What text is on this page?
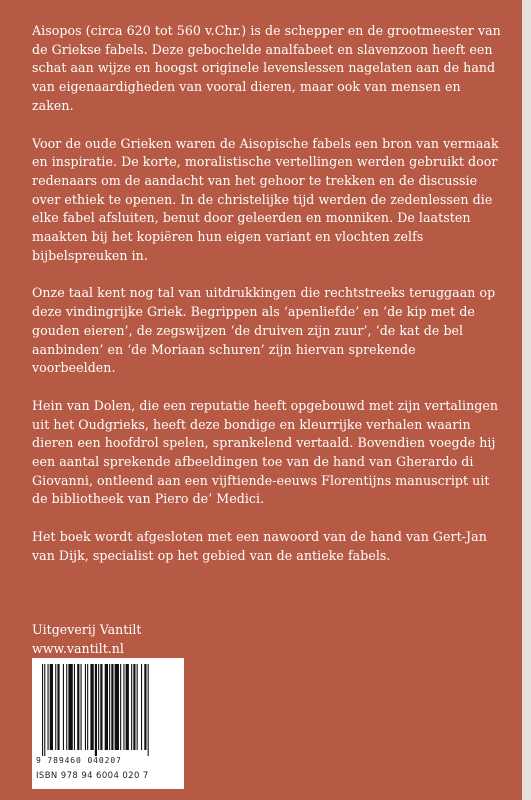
Aisopos (circa 620 tot 560 v.Chr.) is de schepper en de grootmeester van de Griekse fabels. Deze gebochelde analfabeet en slavenzoon heeft een schat aan wijze en hoogst originele levenslessen nagelaten aan de hand van eigenaardigheden van vooral dieren, maar ook van mensen en zaken.

Voor de oude Grieken waren de Aisopische fabels een bron van vermaak en inspiratie. De korte, moralistische vertellingen werden gebruikt door redenaars om de aandacht van het gehoor te trekken en de discussie over ethiek te openen. In de christelijke tijd werden de zedenlessen die elke fabel afsluiten, benut door geleerden en monniken. De laatsten maakten bij het kopiëren hun eigen variant en vlochten zelfs bijbelspreuken in.

Onze taal kent nog tal van uitdrukkingen die rechtstreeks teruggaan op deze vindingrijke Griek. Begrippen als ‘apenliefde’ en ‘de kip met de gouden eieren’, de zegswijzen ‘de druiven zijn zuur’, ‘de kat de bel aanbinden’ en ‘de Moriaan schuren’ zijn hiervan sprekende voorbeelden.

Hein van Dolen, die een reputatie heeft opgebouwd met zijn vertalingen uit het Oudgrieks, heeft deze bondige en kleurrijke verhalen waarin dieren een hoofdrol spelen, sprankelend vertaald. Bovendien voegde hij een aantal sprekende afbeeldingen toe van de hand van Gherardo di Giovanni, ontleend aan een vijftiende-eeuws Florentijns manuscript uit de bibliotheek van Piero de’ Medici.

Het boek wordt afgesloten met een nawoord van de hand van Gert-Jan van Dijk, specialist op het gebied van de antieke fabels.

Uitgeverij Vantilt
www.vantilt.nl
9 789460 040207
ISBN 978 94 6004 020 7
